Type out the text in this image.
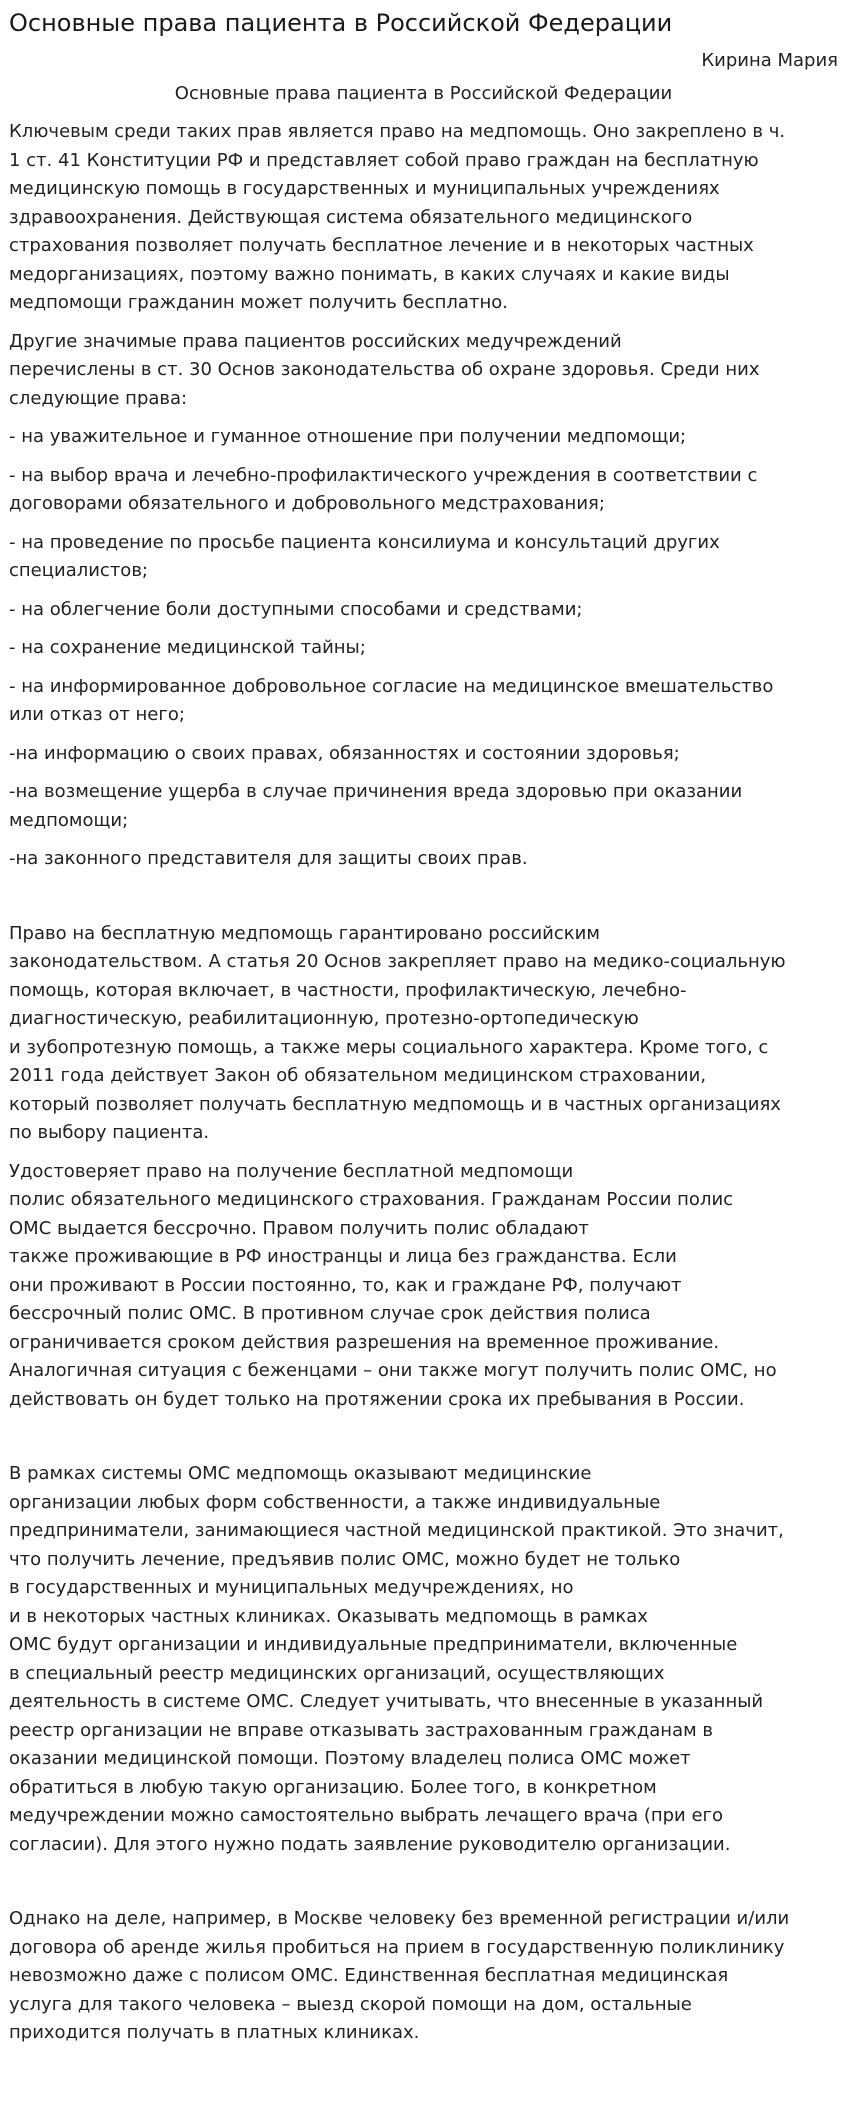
Основные права пациента в Российской Федерации
Кирина Мария
Основные права пациента в Российской Федерации

Ключевым среди таких прав является право на медпомощь. Оно закреплено в ч.
1 ст. 41 Конституции РФ и представляет собой право граждан на бесплатную
медицинскую помощь в государственных и муниципальных учреждениях
здравоохранения. Действующая система обязательного медицинского
страхования позволяет получать бесплатное лечение и в некоторых частных
медорганизациях, поэтому важно понимать, в каких случаях и какие виды
медпомощи гражданин может получить бесплатно.

Другие значимые права пациентов российских медучреждений
перечислены в ст. 30 Основ законодательства об охране здоровья. Среди них
следующие права:

- на уважительное и гуманное отношение при получении медпомощи;

- на выбор врача и лечебно-профилактического учреждения в соответствии с
договорами обязательного и добровольного медстрахования;

- на проведение по просьбе пациента консилиума и консультаций других
специалистов;

- на облегчение боли доступными способами и средствами;

- на сохранение медицинской тайны;

- на информированное добровольное согласие на медицинское вмешательство
или отказ от него;

-на информацию о своих правах, обязанностях и состоянии здоровья;

-на возмещение ущерба в случае причинения вреда здоровью при оказании
медпомощи;

-на законного представителя для защиты своих прав.

Право на бесплатную медпомощь гарантировано российским
законодательством. А статья 20 Основ закрепляет право на медико-социальную
помощь, которая включает, в частности, профилактическую, лечебно-
диагностическую, реабилитационную, протезно-ортопедическую
и зубопротезную помощь, а также меры социального характера. Кроме того, с
2011 года действует Закон об обязательном медицинском страховании,
который позволяет получать бесплатную медпомощь и в частных организациях
по выбору пациента.

Удостоверяет право на получение бесплатной медпомощи
полис обязательного медицинского страхования. Гражданам России полис
ОМС выдается бессрочно. Правом получить полис обладают
также проживающие в РФ иностранцы и лица без гражданства. Если
они проживают в России постоянно, то, как и граждане РФ, получают
бессрочный полис ОМС. В противном случае срок действия полиса
ограничивается сроком действия разрешения на временное проживание.
Аналогичная ситуация с беженцами – они также могут получить полис ОМС, но
действовать он будет только на протяжении срока их пребывания в России.

В рамках системы ОМС медпомощь оказывают медицинские
организации любых форм собственности, а также индивидуальные
предприниматели, занимающиеся частной медицинской практикой. Это значит,
что получить лечение, предъявив полис ОМС, можно будет не только
в государственных и муниципальных медучреждениях, но
и в некоторых частных клиниках. Оказывать медпомощь в рамках
ОМС будут организации и индивидуальные предприниматели, включенные
в специальный реестр медицинских организаций, осуществляющих
деятельность в системе ОМС. Следует учитывать, что внесенные в указанный
реестр организации не вправе отказывать застрахованным гражданам в
оказании медицинской помощи. Поэтому владелец полиса ОМС может
обратиться в любую такую организацию. Более того, в конкретном
медучреждении можно самостоятельно выбрать лечащего врача (при его
согласии). Для этого нужно подать заявление руководителю организации.

Однако на деле, например, в Москве человеку без временной регистрации и/или
договора об аренде жилья пробиться на прием в государственную поликлинику
невозможно даже с полисом ОМС. Единственная бесплатная медицинская
услуга для такого человека – выезд скорой помощи на дом, остальные
приходится получать в платных клиниках.
